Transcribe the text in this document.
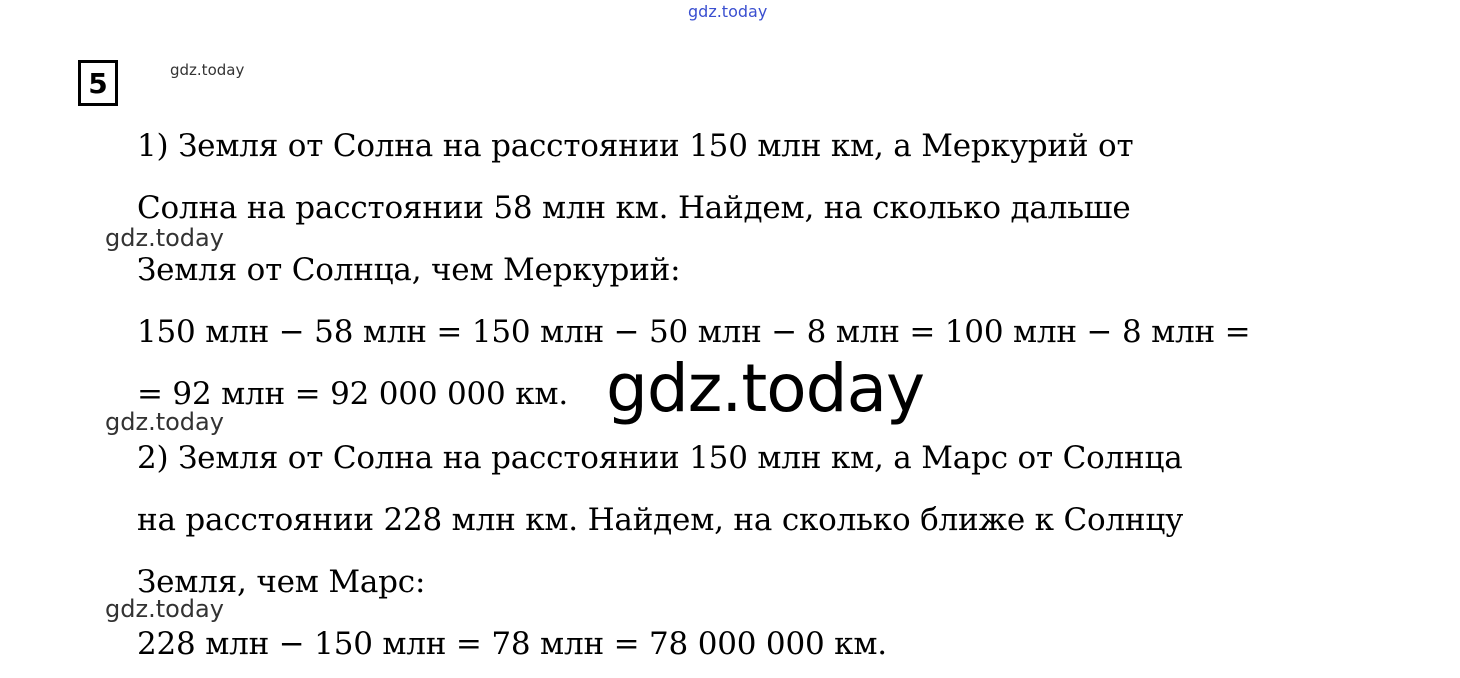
gdz.today
gdz.today
5
1) Земля от Солна на расстоянии 150 млн км, а Меркурий от
Солна на расстоянии 58 млн км. Найдем, на сколько дальше
Земля от Солнца, чем Меркурий:
150 млн − 58 млн = 150 млн − 50 млн − 8 млн = 100 млн − 8 млн =
= 92 млн = 92 000 000 км.
2) Земля от Солна на расстоянии 150 млн км, а Марс от Солнца
на расстоянии 228 млн км. Найдем, на сколько ближе к Солнцу
Земля, чем Марс:
228 млн − 150 млн = 78 млн = 78 000 000 км.
gdz.today
gdz.today
gdz.today
gdz.today
